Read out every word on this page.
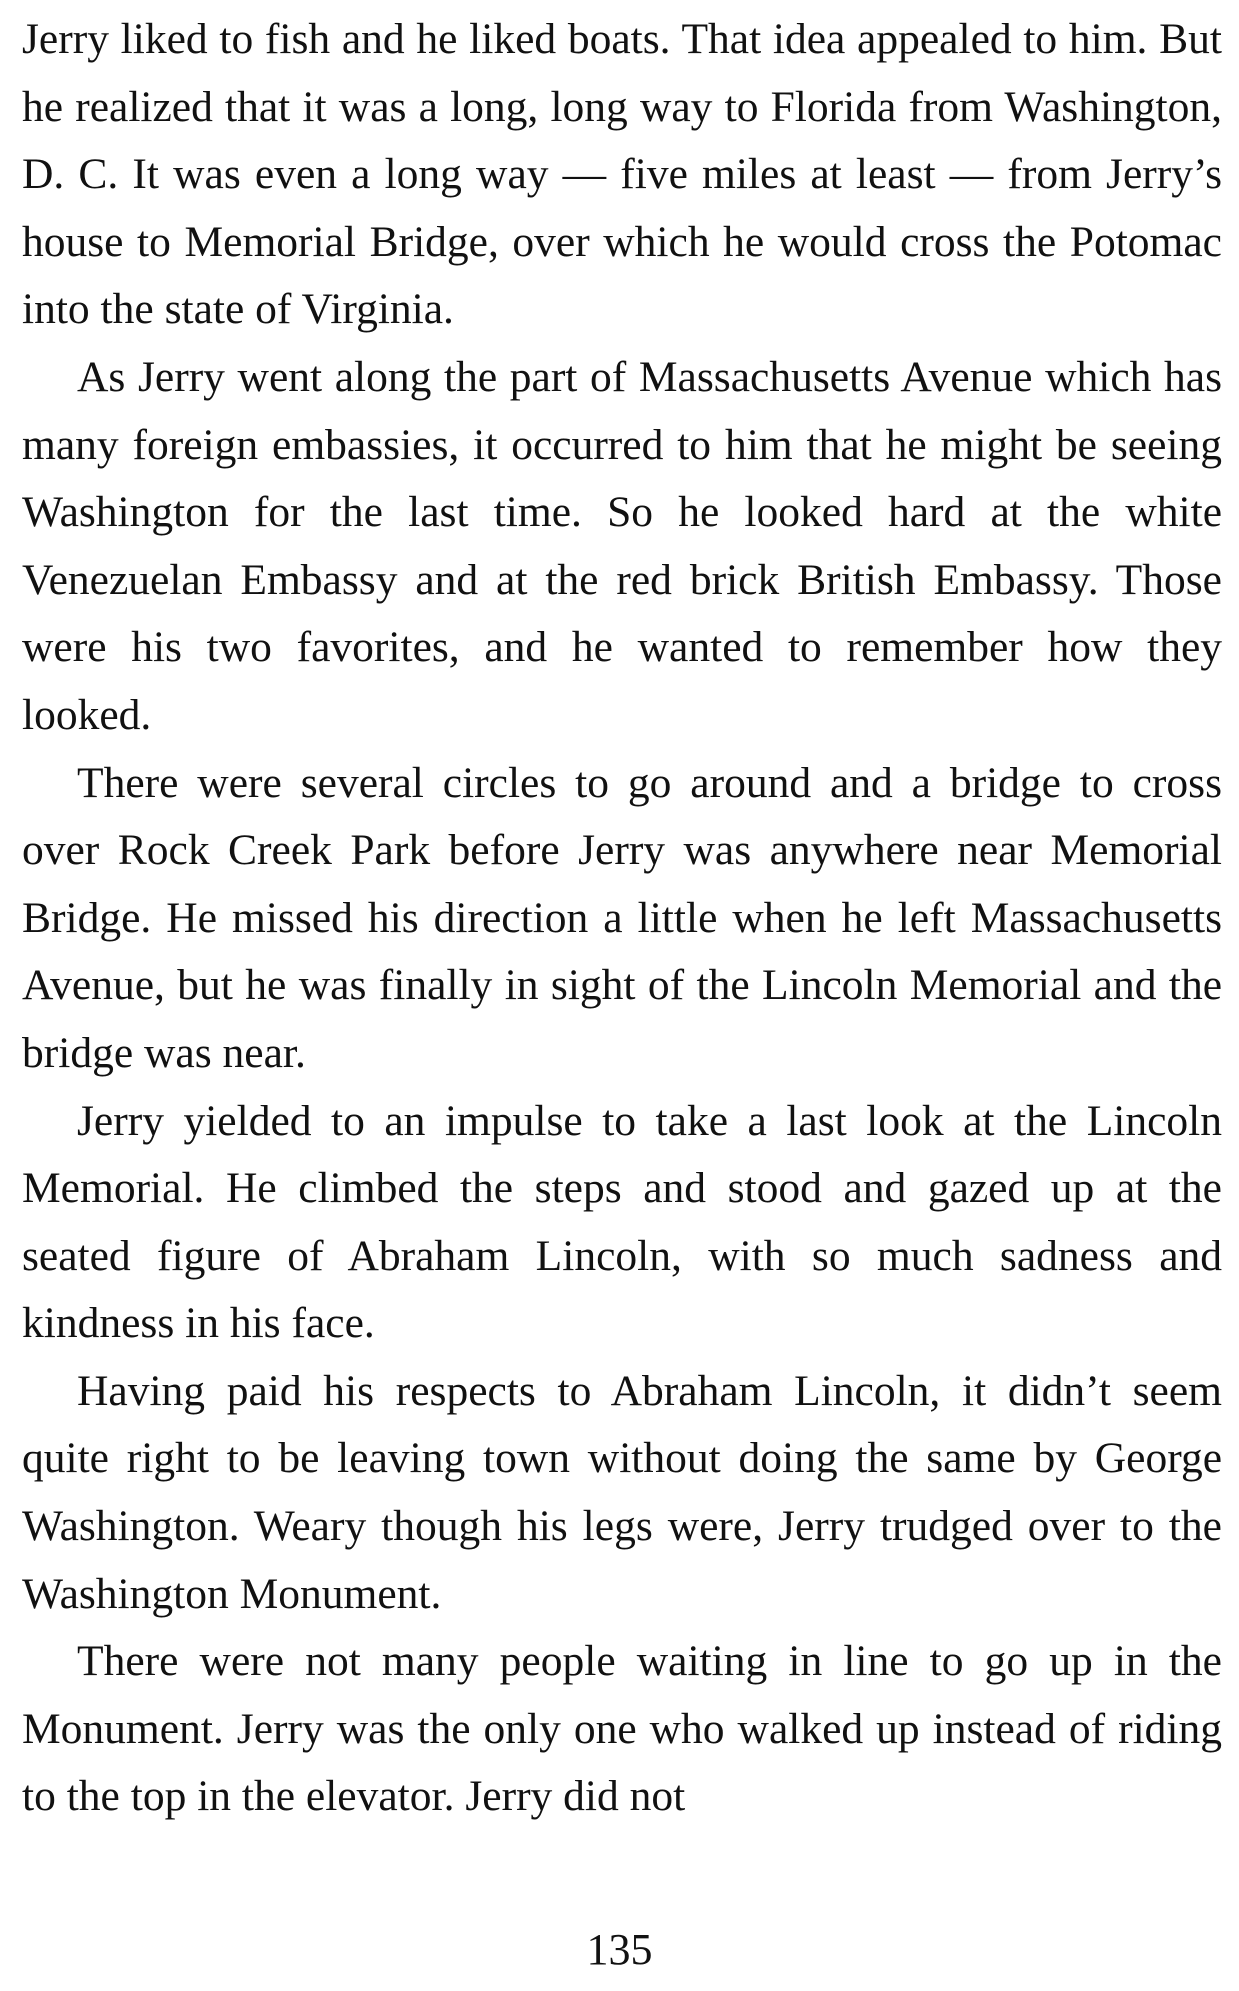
Jerry liked to fish and he liked boats. That idea appealed to him. But he realized that it was a long, long way to Florida from Washington, D. C. It was even a long way — five miles at least — from Jerry’s house to Memorial Bridge, over which he would cross the Potomac into the state of Virginia.

As Jerry went along the part of Massachusetts Avenue which has many foreign embassies, it occurred to him that he might be seeing Washington for the last time. So he looked hard at the white Venezuelan Embassy and at the red brick British Embassy. Those were his two favorites, and he wanted to remember how they looked.

There were several circles to go around and a bridge to cross over Rock Creek Park before Jerry was anywhere near Memorial Bridge. He missed his direction a little when he left Massachusetts Avenue, but he was finally in sight of the Lincoln Memorial and the bridge was near.

Jerry yielded to an impulse to take a last look at the Lincoln Memorial. He climbed the steps and stood and gazed up at the seated figure of Abraham Lincoln, with so much sadness and kindness in his face.

Having paid his respects to Abraham Lincoln, it didn’t seem quite right to be leaving town without doing the same by George Washington. Weary though his legs were, Jerry trudged over to the Washington Monument.

There were not many people waiting in line to go up in the Monument. Jerry was the only one who walked up instead of riding to the top in the elevator. Jerry did not

135
